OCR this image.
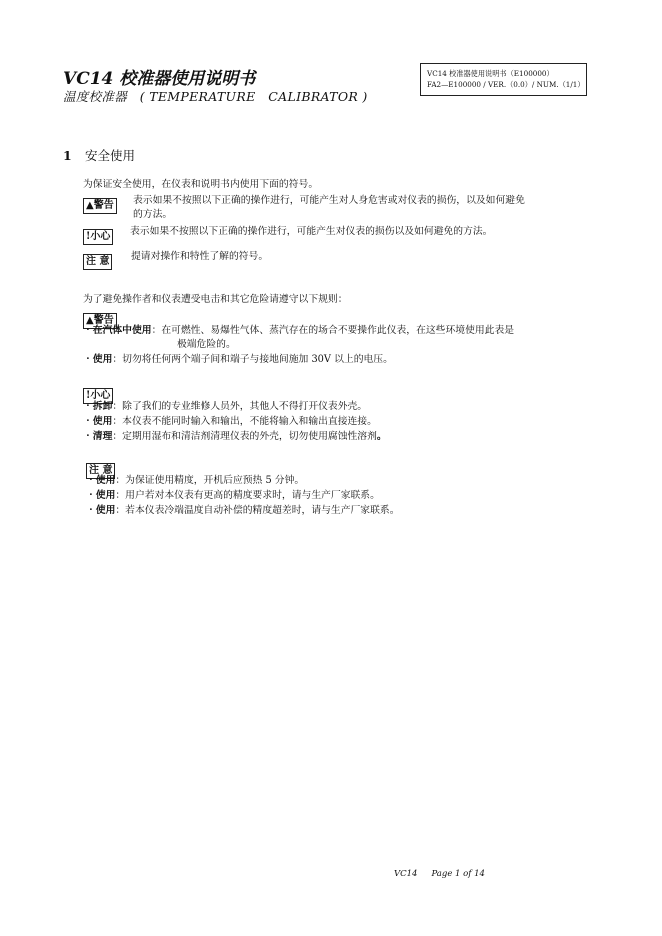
VC14 校准器使用说明书
温度校准器　( TEMPERATURE　CALIBRATOR )
VC14 校准器使用说明书（E100000）
FA2—E100000 / VER.（0.0）/ NUM.（1/1）
1 安全使用
为保证安全使用，在仪表和说明书内使用下面的符号。
▲警告	表示如果不按照以下正确的操作进行，可能产生对人身危害或对仪表的损伤，以及如何避免
的方法。
!小心	表示如果不按照以下正确的操作进行，可能产生对仪表的损伤以及如何避免的方法。
注 意	提请对操作和特性了解的符号。
为了避免操作者和仪表遭受电击和其它危险请遵守以下规则：
▲警告
・在汽体中使用：在可燃性、易爆性气体、蒸汽存在的场合不要操作此仪表，在这些环境使用此表是
极端危险的。
・使用：切勿将任何两个端子间和端子与接地间施加 30V 以上的电压。
!小心
・拆卸：除了我们的专业维修人员外，其他人不得打开仪表外壳。
・使用：本仪表不能同时输入和输出，不能将输入和输出直接连接。
・清理：定期用湿布和清洁剂清理仪表的外壳，切勿使用腐蚀性溶剂。
注 意
・使用：为保证使用精度，开机后应预热 5 分钟。
・使用：用户若对本仪表有更高的精度要求时，请与生产厂家联系。
・使用：若本仪表冷端温度自动补偿的精度超差时，请与生产厂家联系。
VC14 Page 1 of 14
